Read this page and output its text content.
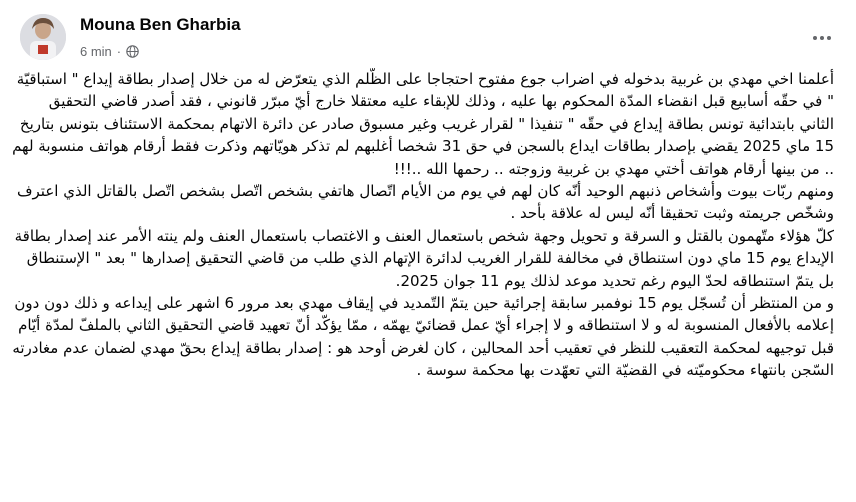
Mouna Ben Gharbia
6 min ·

أعلمنا اخي مهدي بن غربية بدخوله في اضراب جوع مفتوح احتجاجا على الظّلم الذي يتعرّض له من خلال إصدار بطاقة إيداع " استباقيّة " في حقّه أسابيع قبل انقضاء المدّة المحكوم بها عليه ، وذلك للإبقاء عليه معتقلا خارج أيّ مبرّر قانوني ، فقد أصدر قاضي التحقيق الثاني بابتدائية تونس بطاقة إيداع في حقّه " تنفيذا " لقرار غريب وغير مسبوق صادر عن دائرة الاتهام بمحكمة الاستئناف بتونس بتاريخ 15 ماي 2025 يقضي بإصدار بطاقات ايداع بالسجن في حق 31 شخصا أغلبهم لم تذكر هويّاتهم وذكرت فقط أرقام هواتف منسوبة لهم .. من بينها أرقام هواتف أختي مهدي بن غربية وزوجته .. رحمها الله ..!!!

ومنهم ربّات بيوت وأشخاص ذنبهم الوحيد أنّه كان لهم في يوم من الأيام اتّصال هاتفي بشخص اتّصل بشخص اتّصل بالقاتل الذي اعترف وشخّص جريمته وثبت تحقيقا أنّه ليس له علاقة بأحد .

كلّ هؤلاء متّهمون بالقتل و السرقة و تحويل وجهة شخص باستعمال العنف و الاغتصاب باستعمال العنف ولم ينته الأمر عند إصدار بطاقة الإيداع يوم 15 ماي دون استنطاق في مخالفة للقرار الغريب لدائرة الإتهام الذي طلب من قاضي التحقيق إصدارها " بعد " الإستنطاق بل يتمّ استنطاقه لحدّ اليوم رغم تحديد موعد لذلك يوم 11 جوان 2025.

و من المنتظر أن تُسجّل يوم 15 نوفمبر سابقة إجرائية حين يتمّ التّمديد في إيقاف مهدي بعد مرور 6 اشهر على إيداعه و ذلك دون دون إعلامه بالأفعال المنسوبة له و لا استنطاقه و لا إجراء أيّ عمل قضائيّ يهمّه ، ممّا يؤكّد أنّ تعهيد قاضي التحقيق الثاني بالملفّ لمدّة أيّام قبل توجيهه لمحكمة التعقيب للنظر في تعقيب أحد المحالين ، كان لغرض أوحد هو : إصدار بطاقة إيداع بحقّ مهدي لضمان عدم مغادرته السّجن بانتهاء محكوميّته في القضيّة التي تعهّدت بها محكمة سوسة .
